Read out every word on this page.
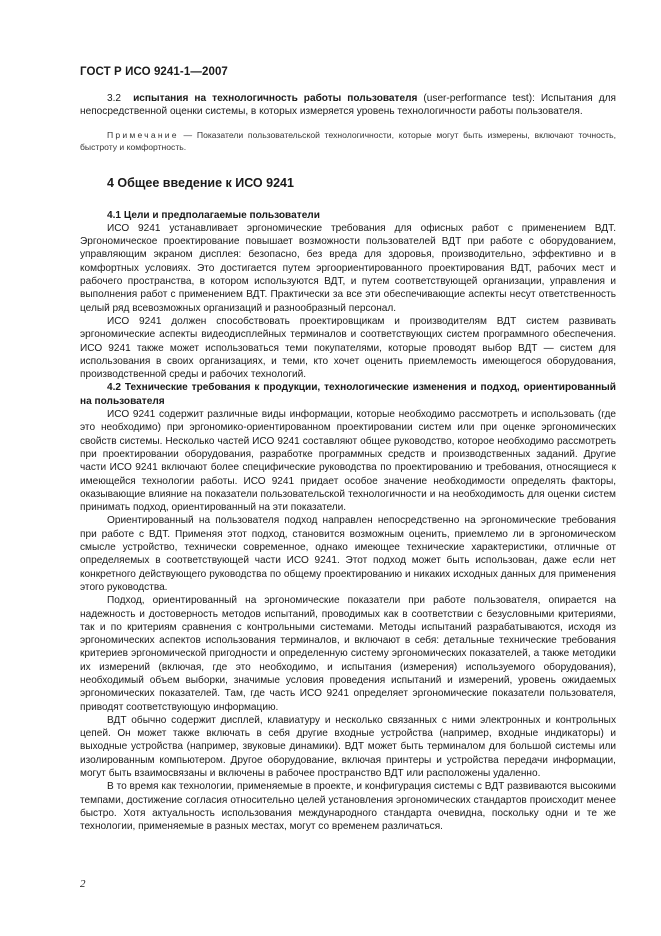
ГОСТ Р ИСО 9241-1—2007

3.2 испытания на технологичность работы пользователя (user-performance test): Испытания для непосредственной оценки системы, в которых измеряется уровень технологичности работы пользователя.

Примечание — Показатели пользовательской технологичности, которые могут быть измерены, включают точность, быстроту и комфортность.

4 Общее введение к ИСО 9241

4.1 Цели и предполагаемые пользователи

ИСО 9241 устанавливает эргономические требования для офисных работ с применением ВДТ. Эргономическое проектирование повышает возможности пользователей ВДТ при работе с оборудованием, управляющим экраном дисплея: безопасно, без вреда для здоровья, производительно, эффективно и в комфортных условиях. Это достигается путем эргоориентированного проектирования ВДТ, рабочих мест и рабочего пространства, в котором используются ВДТ, и путем соответствующей организации, управления и выполнения работ с применением ВДТ. Практически за все эти обеспечивающие аспекты несут ответственность целый ряд всевозможных организаций и разнообразный персонал.

ИСО 9241 должен способствовать проектировщикам и производителям ВДТ систем развивать эргономические аспекты видеодисплейных терминалов и соответствующих систем программного обеспечения. ИСО 9241 также может использоваться теми покупателями, которые проводят выбор ВДТ — систем для использования в своих организациях, и теми, кто хочет оценить приемлемость имеющегося оборудования, производственной среды и рабочих технологий.

4.2 Технические требования к продукции, технологические изменения и подход, ориентированный на пользователя

ИСО 9241 содержит различные виды информации, которые необходимо рассмотреть и использовать (где это необходимо) при эргономико-ориентированном проектировании систем или при оценке эргономических свойств системы. Несколько частей ИСО 9241 составляют общее руководство, которое необходимо рассмотреть при проектировании оборудования, разработке программных средств и производственных заданий. Другие части ИСО 9241 включают более специфические руководства по проектированию и требования, относящиеся к имеющейся технологии работы. ИСО 9241 придает особое значение необходимости определять факторы, оказывающие влияние на показатели пользовательской технологичности и на необходимость для оценки систем принимать подход, ориентированный на эти показатели.

Ориентированный на пользователя подход направлен непосредственно на эргономические требования при работе с ВДТ. Применяя этот подход, становится возможным оценить, приемлемо ли в эргономическом смысле устройство, технически современное, однако имеющее технические характеристики, отличные от определяемых в соответствующей части ИСО 9241. Этот подход может быть использован, даже если нет конкретного действующего руководства по общему проектированию и никаких исходных данных для применения этого руководства.

Подход, ориентированный на эргономические показатели при работе пользователя, опирается на надежность и достоверность методов испытаний, проводимых как в соответствии с безусловными критериями, так и по критериям сравнения с контрольными системами. Методы испытаний разрабатываются, исходя из эргономических аспектов использования терминалов, и включают в себя: детальные технические требования критериев эргономической пригодности и определенную систему эргономических показателей, а также методики их измерений (включая, где это необходимо, и испытания (измерения) используемого оборудования), необходимый объем выборки, значимые условия проведения испытаний и измерений, уровень ожидаемых эргономических показателей. Там, где часть ИСО 9241 определяет эргономические показатели пользователя, приводят соответствующую информацию.

ВДТ обычно содержит дисплей, клавиатуру и несколько связанных с ними электронных и контрольных цепей. Он может также включать в себя другие входные устройства (например, входные индикаторы) и выходные устройства (например, звуковые динамики). ВДТ может быть терминалом для большой системы или изолированным компьютером. Другое оборудование, включая принтеры и устройства передачи информации, могут быть взаимосвязаны и включены в рабочее пространство ВДТ или расположены удаленно.

В то время как технологии, применяемые в проекте, и конфигурация системы с ВДТ развиваются высокими темпами, достижение согласия относительно целей установления эргономических стандартов происходит менее быстро. Хотя актуальность использования международного стандарта очевидна, поскольку одни и те же технологии, применяемые в разных местах, могут со временем различаться.

2
